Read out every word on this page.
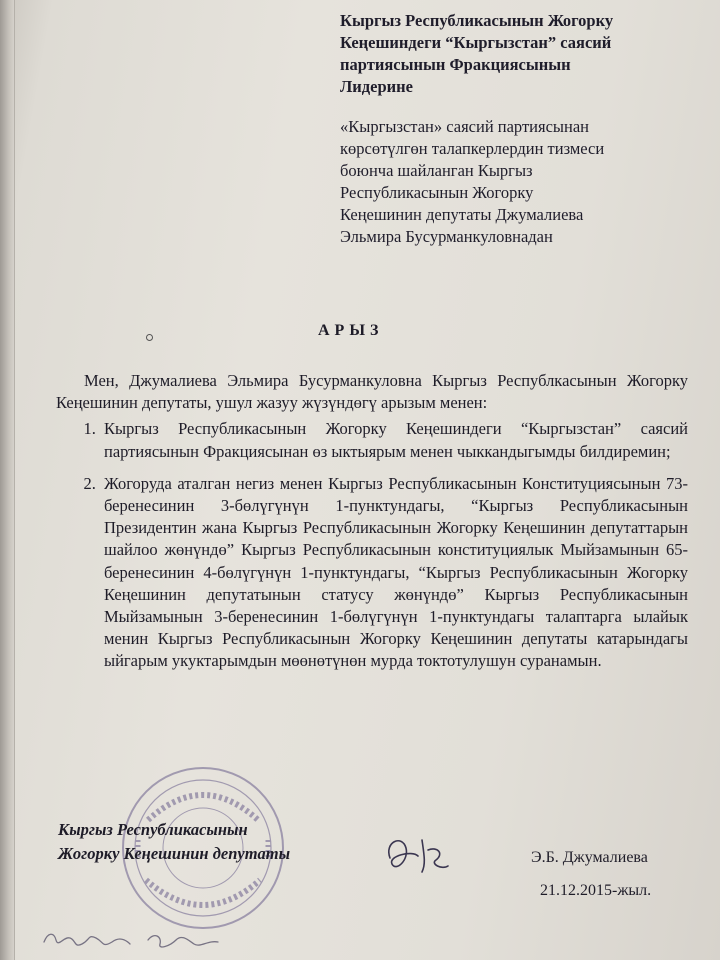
Кыргыз Республикасынын Жогорку
Кеңешиндеги “Кыргызстан” саясий
партиясынын Фракциясынын
Лидерине

«Кыргызстан» саясий партиясынан
көрсөтүлгөн талапкерлердин тизмеси
боюнча шайланган Кыргыз
Республикасынын Жогорку
Кеңешинин депутаты Джумалиева
Эльмира Бусурманкуловнадан

АРЫЗ

Мен, Джумалиева Эльмира Бусурманкуловна Кыргыз Республкасынын Жогорку Кеңешинин депутаты, ушул жазуу жүзүндөгү арызым менен:

1. Кыргыз Республикасынын Жогорку Кеңешиндеги “Кыргызстан” саясий партиясынын Фракциясынан өз ыктыярым менен чыккандыгымды билдиремин;
2. Жогоруда аталган негиз менен Кыргыз Республикасынын Конституциясынын 73-беренесинин 3-бөлүгүнүн 1-пунктундагы, “Кыргыз Республикасынын Президентин жана Кыргыз Республикасынын Жогорку Кеңешинин депутаттарын шайлоо жөнүндө” Кыргыз Республикасынын конституциялык Мыйзамынын 65-беренесинин 4-бөлүгүнүн 1-пунктундагы, “Кыргыз Республикасынын Жогорку Кеңешинин депутатынын статусу жөнүндө” Кыргыз Республикасынын Мыйзамынын 3-беренесинин 1-бөлүгүнүн 1-пунктундагы талаптарга ылайык менин Кыргыз Республикасынын Жогорку Кеңешинин депутаты катарындагы ыйгарым укуктарымдын мөөнөтүнөн мурда токтотулушун суранамын.

Кыргыз Республикасынын

Жогорку Кеңешинин депутаты	Э.Б. Джумалиева
21.12.2015-жыл.
